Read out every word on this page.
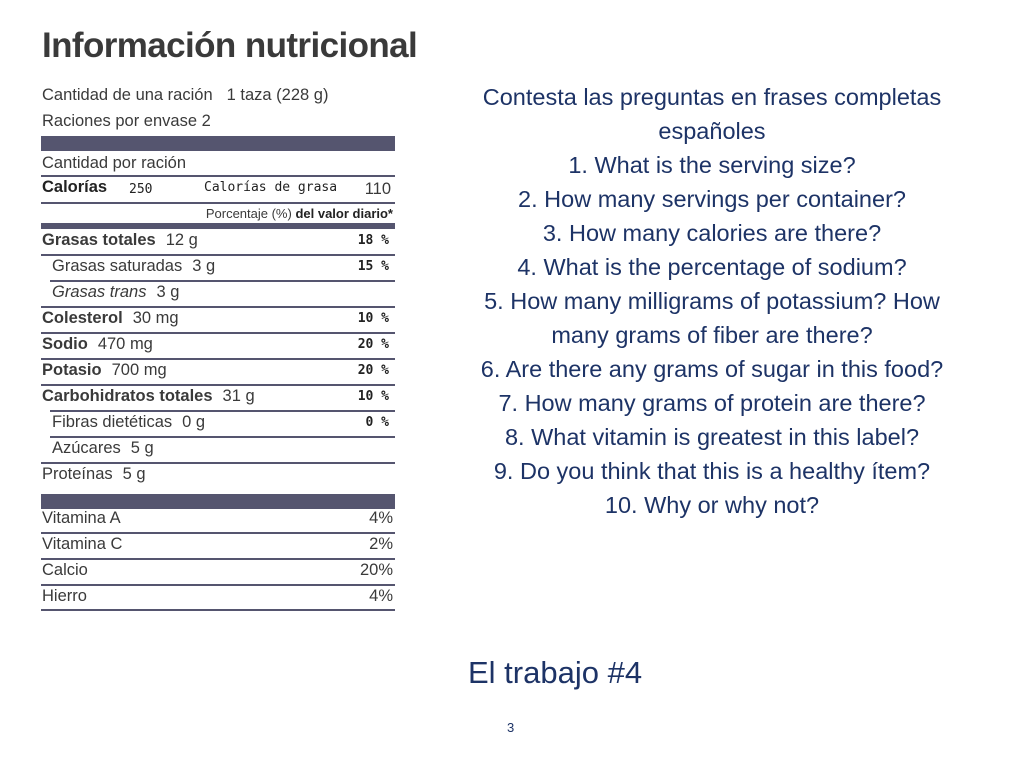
Información nutricional
Cantidad de una ración 1 taza (228 g)
Raciones por envase 2
Cantidad por ración
Calorías 250	Calorías de grasa 110
Porcentaje (%) del valor diario*
Grasas totales 12 g	18 %
Grasas saturadas 3 g	15 %
Grasas trans 3 g
Colesterol 30 mg	10 %
Sodio 470 mg	20 %
Potasio 700 mg	20 %
Carbohidratos totales 31 g	10 %
Fibras dietéticas 0 g	0 %
Azúcares 5 g
Proteínas 5 g
Vitamina A	4%
Vitamina C	2%
Calcio	20%
Hierro	4%
Contesta las preguntas en frases completas españoles
1. What is the serving size?
2. How many servings per container?
3. How many calories are there?
4. What is the percentage of sodium?
5. How many milligrams of potassium? How many grams of fiber are there?
6. Are there any grams of sugar in this food?
7. How many grams of protein are there?
8. What vitamin is greatest in this label?
9. Do you think that this is a healthy ítem?
10. Why or why not?
El trabajo #4
3
